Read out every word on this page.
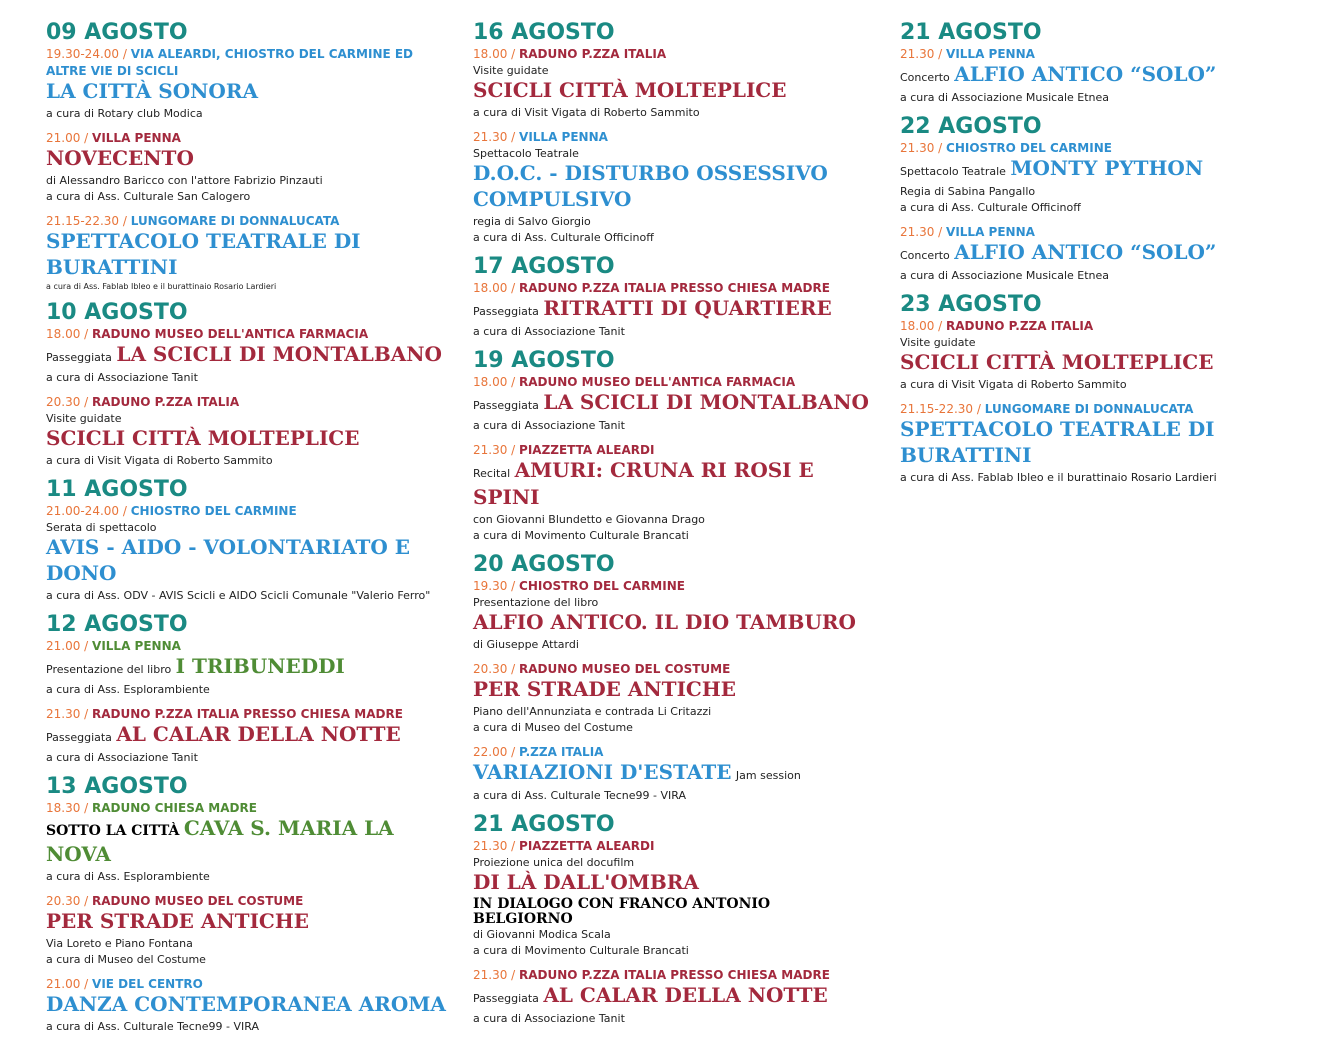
09 AGOSTO
19.30-24.00 / VIA ALEARDI, CHIOSTRO DEL CARMINE ED ALTRE VIE DI SCICLI
LA CITTÀ SONORA
a cura di Rotary club Modica
21.00 / VILLA PENNA
NOVECENTO
di Alessandro Baricco con l'attore Fabrizio Pinzauti
a cura di Ass. Culturale San Calogero
21.15-22.30 / LUNGOMARE DI DONNALUCATA
SPETTACOLO TEATRALE DI BURATTINI
a cura di Ass. Fablab Ibleo e il burattinaio Rosario Lardieri
10 AGOSTO
18.00 / RADUNO MUSEO DELL'ANTICA FARMACIA
Passeggiata LA SCICLI DI MONTALBANO
a cura di Associazione Tanit
20.30 / RADUNO P.ZZA ITALIA
Visite guidate
SCICLI CITTÀ MOLTEPLICE
a cura di Visit Vigata di Roberto Sammito
11 AGOSTO
21.00-24.00 / CHIOSTRO DEL CARMINE
Serata di spettacolo
AVIS - AIDO - VOLONTARIATO E DONO
a cura di Ass. ODV - AVIS Scicli e AIDO Scicli Comunale "Valerio Ferro"
12 AGOSTO
21.00 / VILLA PENNA
Presentazione del libro I TRIBUNEDDI
a cura di Ass. Esplorambiente
21.30 / RADUNO P.ZZA ITALIA PRESSO CHIESA MADRE
Passeggiata AL CALAR DELLA NOTTE
a cura di Associazione Tanit
13 AGOSTO
18.30 / RADUNO CHIESA MADRE
SOTTO LA CITTÀ CAVA S. MARIA LA NOVA
a cura di Ass. Esplorambiente
20.30 / RADUNO MUSEO DEL COSTUME
PER STRADE ANTICHE
Via Loreto e Piano Fontana
a cura di Museo del Costume
21.00 / VIE DEL CENTRO
DANZA CONTEMPORANEA AROMA
a cura di Ass. Culturale Tecne99 - VIRA
16 AGOSTO
18.00 / RADUNO P.ZZA ITALIA
Visite guidate
SCICLI CITTÀ MOLTEPLICE
a cura di Visit Vigata di Roberto Sammito
21.30 / VILLA PENNA
Spettacolo Teatrale
D.O.C. - DISTURBO OSSESSIVO COMPULSIVO
regia di Salvo Giorgio
a cura di Ass. Culturale Officinoff
17 AGOSTO
18.00 / RADUNO P.ZZA ITALIA PRESSO CHIESA MADRE
Passeggiata RITRATTI DI QUARTIERE
a cura di Associazione Tanit
19 AGOSTO
18.00 / RADUNO MUSEO DELL'ANTICA FARMACIA
Passeggiata LA SCICLI DI MONTALBANO
a cura di Associazione Tanit
21.30 / PIAZZETTA ALEARDI
Recital AMURI: CRUNA RI ROSI E SPINI
con Giovanni Blundetto e Giovanna Drago
a cura di Movimento Culturale Brancati
20 AGOSTO
19.30 / CHIOSTRO DEL CARMINE
Presentazione del libro
ALFIO ANTICO. IL DIO TAMBURO
di Giuseppe Attardi
20.30 / RADUNO MUSEO DEL COSTUME
PER STRADE ANTICHE
Piano dell'Annunziata e contrada Li Critazzi
a cura di Museo del Costume
22.00 / P.ZZA ITALIA
VARIAZIONI D'ESTATE Jam session
a cura di Ass. Culturale Tecne99 - VIRA
21 AGOSTO
21.30 / PIAZZETTA ALEARDI
Proiezione unica del docufilm
DI LÀ DALL'OMBRA
IN DIALOGO CON FRANCO ANTONIO BELGIORNO
di Giovanni Modica Scala
a cura di Movimento Culturale Brancati
21.30 / RADUNO P.ZZA ITALIA PRESSO CHIESA MADRE
Passeggiata AL CALAR DELLA NOTTE
a cura di Associazione Tanit
21 AGOSTO
21.30 / VILLA PENNA
Concerto ALFIO ANTICO “SOLO”
a cura di Associazione Musicale Etnea
22 AGOSTO
21.30 / CHIOSTRO DEL CARMINE
Spettacolo Teatrale MONTY PYTHON
Regia di Sabina Pangallo
a cura di Ass. Culturale Officinoff
21.30 / VILLA PENNA
Concerto ALFIO ANTICO “SOLO”
a cura di Associazione Musicale Etnea
23 AGOSTO
18.00 / RADUNO P.ZZA ITALIA
Visite guidate
SCICLI CITTÀ MOLTEPLICE
a cura di Visit Vigata di Roberto Sammito
21.15-22.30 / LUNGOMARE DI DONNALUCATA
SPETTACOLO TEATRALE DI BURATTINI
a cura di Ass. Fablab Ibleo e il burattinaio Rosario Lardieri
